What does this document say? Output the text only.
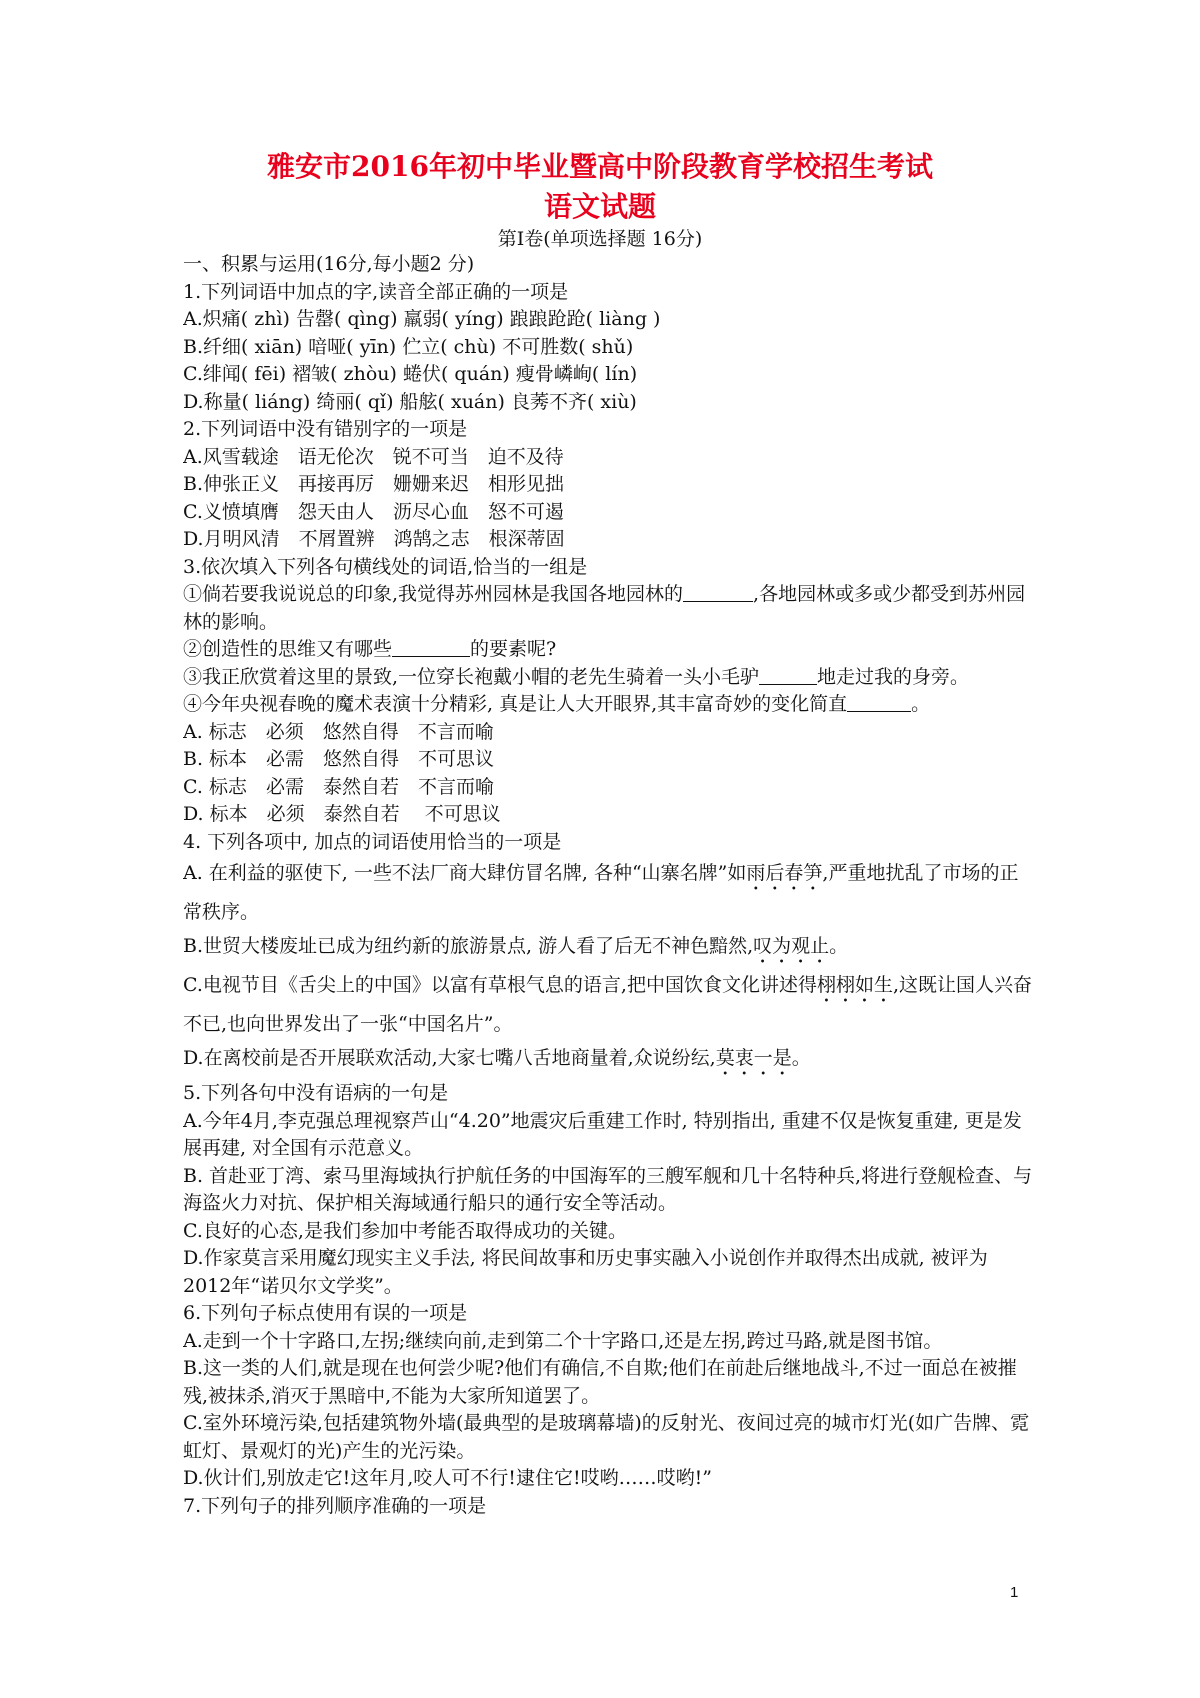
雅安市2016年初中毕业暨高中阶段教育学校招生考试
语文试题
第Ⅰ卷(单项选择题 16分)

一、积累与运用(16分,每小题2 分)

1.下列词语中加点的字,读音全部正确的一项是

A.炽痛( zhì) 告罄( qìng) 羸弱( yíng) 踉踉跄跄( liàng )

B.纤细( xiān) 喑哑( yīn) 伫立( chù) 不可胜数( shǔ)

C.绯闻( fēi) 褶皱( zhòu) 蜷伏( quán) 瘦骨嶙峋( lín)

D.称量( liáng) 绮丽( qǐ) 船舷( xuán) 良莠不齐( xiù)

2.下列词语中没有错别字的一项是

A.风雪载途　语无伦次　锐不可当　迫不及待

B.伸张正义　再接再厉　姗姗来迟　相形见拙

C.义愤填膺　怨天由人　沥尽心血　怒不可遏

D.月明风清　不屑置辨　鸿鹄之志　根深蒂固

3.依次填入下列各句横线处的词语,恰当的一组是

①倘若要我说说总的印象,我觉得苏州园林是我国各地园林的	,各地园林或多或少都受到苏州园林的影响。

②创造性的思维又有哪些	的要素呢?

③我正欣赏着这里的景致,一位穿长袍戴小帽的老先生骑着一头小毛驴	地走过我的身旁。

④今年央视春晚的魔术表演十分精彩, 真是让人大开眼界,其丰富奇妙的变化简直	。

A. 标志　必须　悠然自得　不言而喻

B. 标本　必需　悠然自得　不可思议

C. 标志　必需　泰然自若　不言而喻

D. 标本　必须　泰然自若　 不可思议

4. 下列各项中, 加点的词语使用恰当的一项是

A. 在利益的驱使下, 一些不法厂商大肆仿冒名牌, 各种“山寨名牌”如雨后春笋,严重地扰乱了市场的正常秩序。

B.世贸大楼废址已成为纽约新的旅游景点, 游人看了后无不神色黯然,叹为观止。

C.电视节目《舌尖上的中国》以富有草根气息的语言,把中国饮食文化讲述得栩栩如生,这既让国人兴奋不已,也向世界发出了一张“中国名片”。

D.在离校前是否开展联欢活动,大家七嘴八舌地商量着,众说纷纭,莫衷一是。

5.下列各句中没有语病的一句是

A.今年4月,李克强总理视察芦山“4.20”地震灾后重建工作时, 特别指出, 重建不仅是恢复重建, 更是发展再建, 对全国有示范意义。

B. 首赴亚丁湾、索马里海域执行护航任务的中国海军的三艘军舰和几十名特种兵,将进行登舰检查、与海盗火力对抗、保护相关海域通行船只的通行安全等活动。

C.良好的心态,是我们参加中考能否取得成功的关键。

D.作家莫言采用魔幻现实主义手法, 将民间故事和历史事实融入小说创作并取得杰出成就, 被评为2012年“诺贝尔文学奖”。

6.下列句子标点使用有误的一项是

A.走到一个十字路口,左拐;继续向前,走到第二个十字路口,还是左拐,跨过马路,就是图书馆。

B.这一类的人们,就是现在也何尝少呢?他们有确信,不自欺;他们在前赴后继地战斗,不过一面总在被摧残,被抹杀,消灭于黑暗中,不能为大家所知道罢了。

C.室外环境污染,包括建筑物外墙(最典型的是玻璃幕墙)的反射光、夜间过亮的城市灯光(如广告牌、霓虹灯、景观灯的光)产生的光污染。

D.伙计们,别放走它!这年月,咬人可不行!逮住它!哎哟……哎哟!”

7.下列句子的排列顺序准确的一项是

1
